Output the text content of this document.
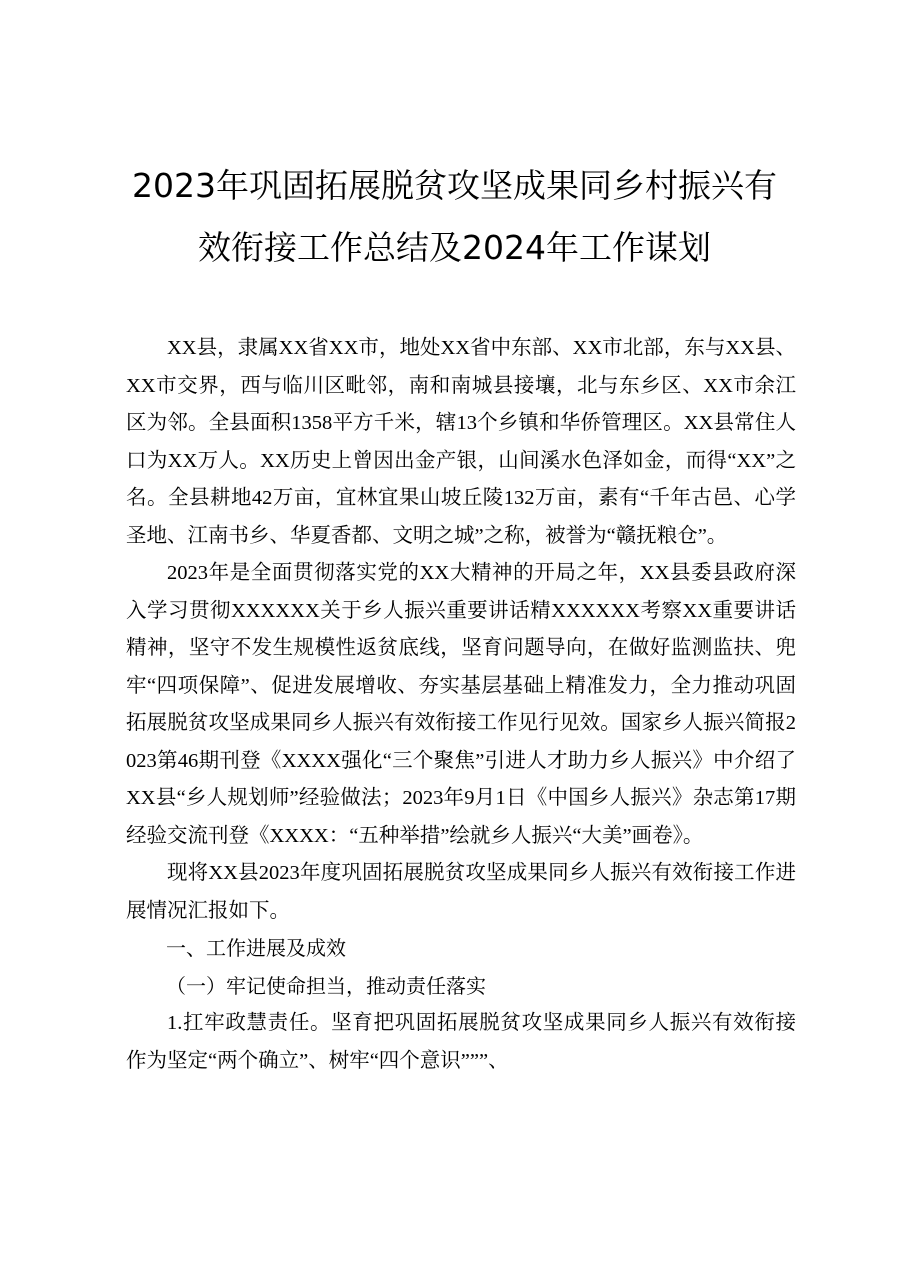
2023年巩固拓展脱贫攻坚成果同乡村振兴有
效衔接工作总结及2024年工作谋划

XX县，隶属XX省XX市，地处XX省中东部、XX市北部，东与XX县、XX市交界，西与临川区毗邻，南和南城县接壤，北与东乡区、XX市余江区为邻。全县面积1358平方千米，辖13个乡镇和华侨管理区。XX县常住人口为XX万人。XX历史上曾因出金产银，山间溪水色泽如金，而得“XX”之名。全县耕地42万亩，宜林宜果山坡丘陵132万亩，素有“千年古邑、心学圣地、江南书乡、华夏香都、文明之城”之称，被誉为“赣抚粮仓”。

2023年是全面贯彻落实党的XX大精神的开局之年，XX县委县政府深入学习贯彻XXXXXX关于乡人振兴重要讲话精XXXXXX考察XX重要讲话精神，坚守不发生规模性返贫底线，坚育问题导向，在做好监测监扶、兜牢“四项保障”、促进发展增收、夯实基层基础上精准发力，全力推动巩固拓展脱贫攻坚成果同乡人振兴有效衔接工作见行见效。国家乡人振兴简报2023第46期刊登《XXXX强化“三个聚焦”引进人才助力乡人振兴》中介绍了XX县“乡人规划师”经验做法；2023年9月1日《中国乡人振兴》杂志第17期经验交流刊登《XXXX：“五种举措”绘就乡人振兴“大美”画卷》。

现将XX县2023年度巩固拓展脱贫攻坚成果同乡人振兴有效衔接工作进展情况汇报如下。

一、工作进展及成效
（一）牢记使命担当，推动责任落实

1.扛牢政慧责任。坚育把巩固拓展脱贫攻坚成果同乡人振兴有效衔接作为坚定“两个确立”、树牢“四个意识”””、
